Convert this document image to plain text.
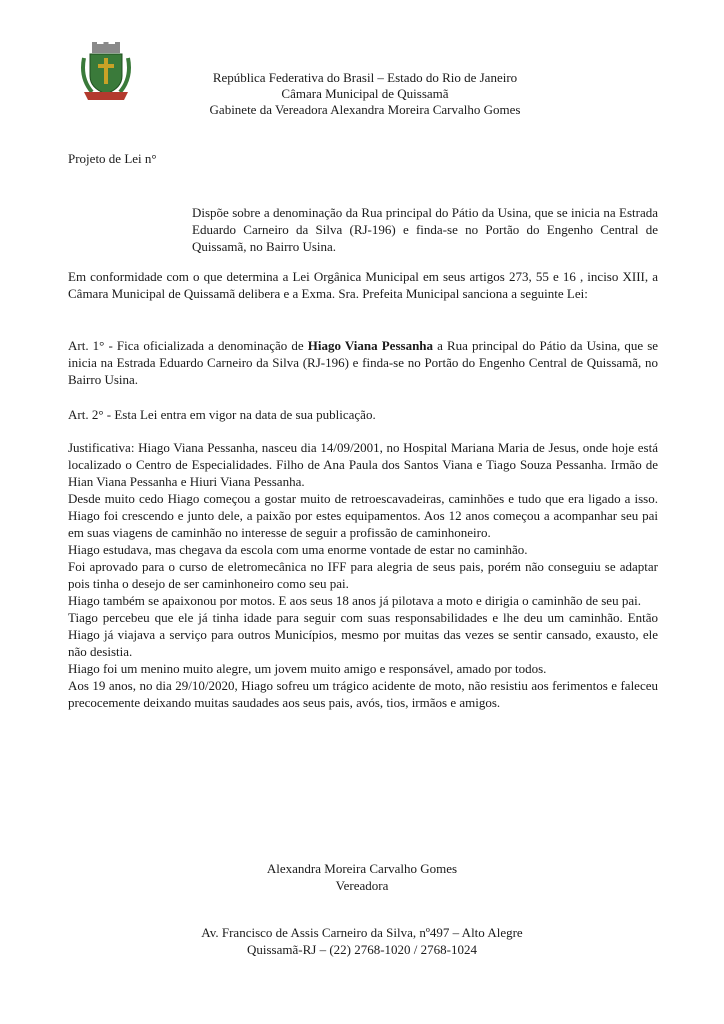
República Federativa do Brasil – Estado do Rio de Janeiro
Câmara Municipal de Quissamã
Gabinete da Vereadora Alexandra Moreira Carvalho Gomes
Projeto de Lei n°
Dispõe sobre a denominação da Rua principal do Pátio da Usina, que se inicia na Estrada Eduardo Carneiro da Silva (RJ-196) e finda-se no Portão do Engenho Central de Quissamã, no Bairro Usina.

Em conformidade com o que determina a Lei Orgânica Municipal em seus artigos 273, 55 e 16 , inciso XIII, a Câmara Municipal de Quissamã delibera e a Exma. Sra. Prefeita Municipal sanciona a seguinte Lei:

Art. 1° - Fica oficializada a denominação de Hiago Viana Pessanha a Rua principal do Pátio da Usina, que se inicia na Estrada Eduardo Carneiro da Silva (RJ-196) e finda-se no Portão do Engenho Central de Quissamã, no Bairro Usina.

Art. 2° - Esta Lei entra em vigor na data de sua publicação.

Justificativa: Hiago Viana Pessanha, nasceu dia 14/09/2001, no Hospital Mariana Maria de Jesus, onde hoje está localizado o Centro de Especialidades. Filho de Ana Paula dos Santos Viana e Tiago Souza Pessanha. Irmão de Hian Viana Pessanha e Hiuri Viana Pessanha.

Desde muito cedo Hiago começou a gostar muito de retroescavadeiras, caminhões e tudo que era ligado a isso. Hiago foi crescendo e junto dele, a paixão por estes equipamentos. Aos 12 anos começou a acompanhar seu pai em suas viagens de caminhão no interesse de seguir a profissão de caminhoneiro.

Hiago estudava, mas chegava da escola com uma enorme vontade de estar no caminhão.

Foi aprovado para o curso de eletromecânica no IFF para alegria de seus pais, porém não conseguiu se adaptar pois tinha o desejo de ser caminhoneiro como seu pai.

Hiago também se apaixonou por motos. E aos seus 18 anos já pilotava a moto e dirigia o caminhão de seu pai.

Tiago percebeu que ele já tinha idade para seguir com suas responsabilidades e lhe deu um caminhão. Então Hiago já viajava a serviço para outros Municípios, mesmo por muitas das vezes se sentir cansado, exausto, ele não desistia.

Hiago foi um menino muito alegre, um jovem muito amigo e responsável, amado por todos.

Aos 19 anos, no dia 29/10/2020, Hiago sofreu um trágico acidente de moto, não resistiu aos ferimentos e faleceu precocemente deixando muitas saudades aos seus pais, avós, tios, irmãos e amigos.

Alexandra Moreira Carvalho Gomes
Vereadora
Av. Francisco de Assis Carneiro da Silva, nº497 – Alto Alegre
Quissamã-RJ – (22) 2768-1020 / 2768-1024
